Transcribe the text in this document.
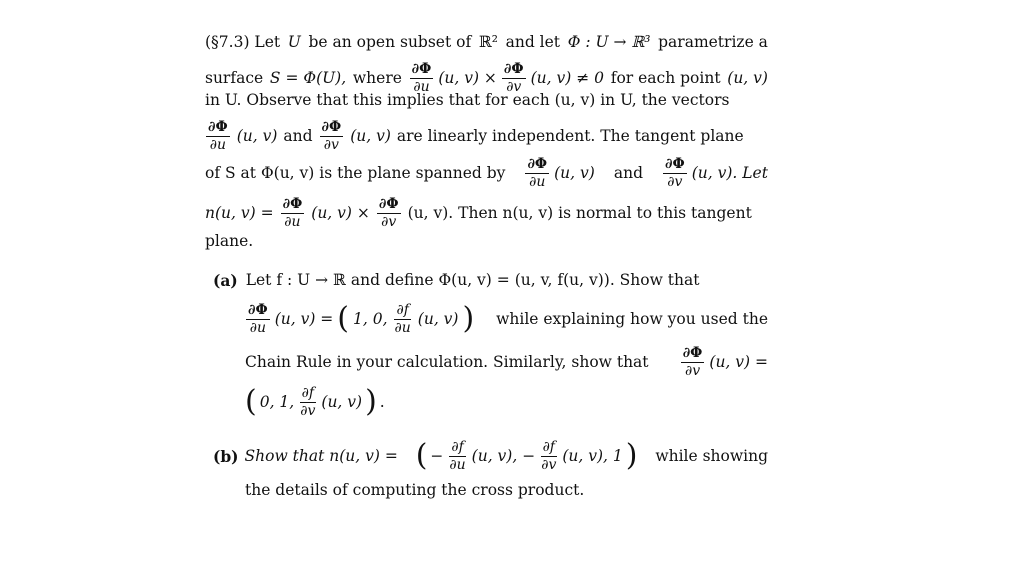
(§7.3) Let U be an open subset of ℝ² and let Φ : U → ℝ³ parametrize a
surface S = Φ(U), where $\frac{\partial\Phi}{\partial u} (u$, $v) \times \frac{\partial\Phi}{\partial v} (u$, v) ≠ 0 for each point (u, v)
in U. Observe that this implies that for each (u, v) in U, the vectors
$\frac{\partial\Phi}{\partial u} (u$, v) and $\frac{\partial\Phi}{\partial v} (u$, v) are linearly independent. The tangent plane
of S at Φ(u, v) is the plane spanned by $\frac{\partial\Phi}{\partial u} (u$, v) and $\frac{\partial\Phi}{\partial v} (u$, v). Let
n(u, $v) = \frac{\partial\Phi}{\partial u} (u$, $v) \times \frac{\partial\Phi}{\partial v} (u$, v). Then n(u, v) is normal to this tangent
plane.
(a) Let f : U → ℝ and define Φ(u, v) = (u, v, f(u, v)). Show that
$\frac{\partial\Phi}{\partial u} (u$, v) = ( 1, 0, $\frac{\partial f}{\partial u} (u$, v) ) while explaining how you used the
Chain Rule in your calculation. Similarly, show that $\frac{\partial\Phi}{\partial v} (u$, v) =
( 0, 1, $\frac{\partial f}{\partial v} (u$, v) ) .
(b) Show that n(u, v) = ( − $\frac{\partial f}{\partial u} (u$, v), − $\frac{\partial f}{\partial v} (u$, v), 1 ) while showing
the details of computing the cross product.
